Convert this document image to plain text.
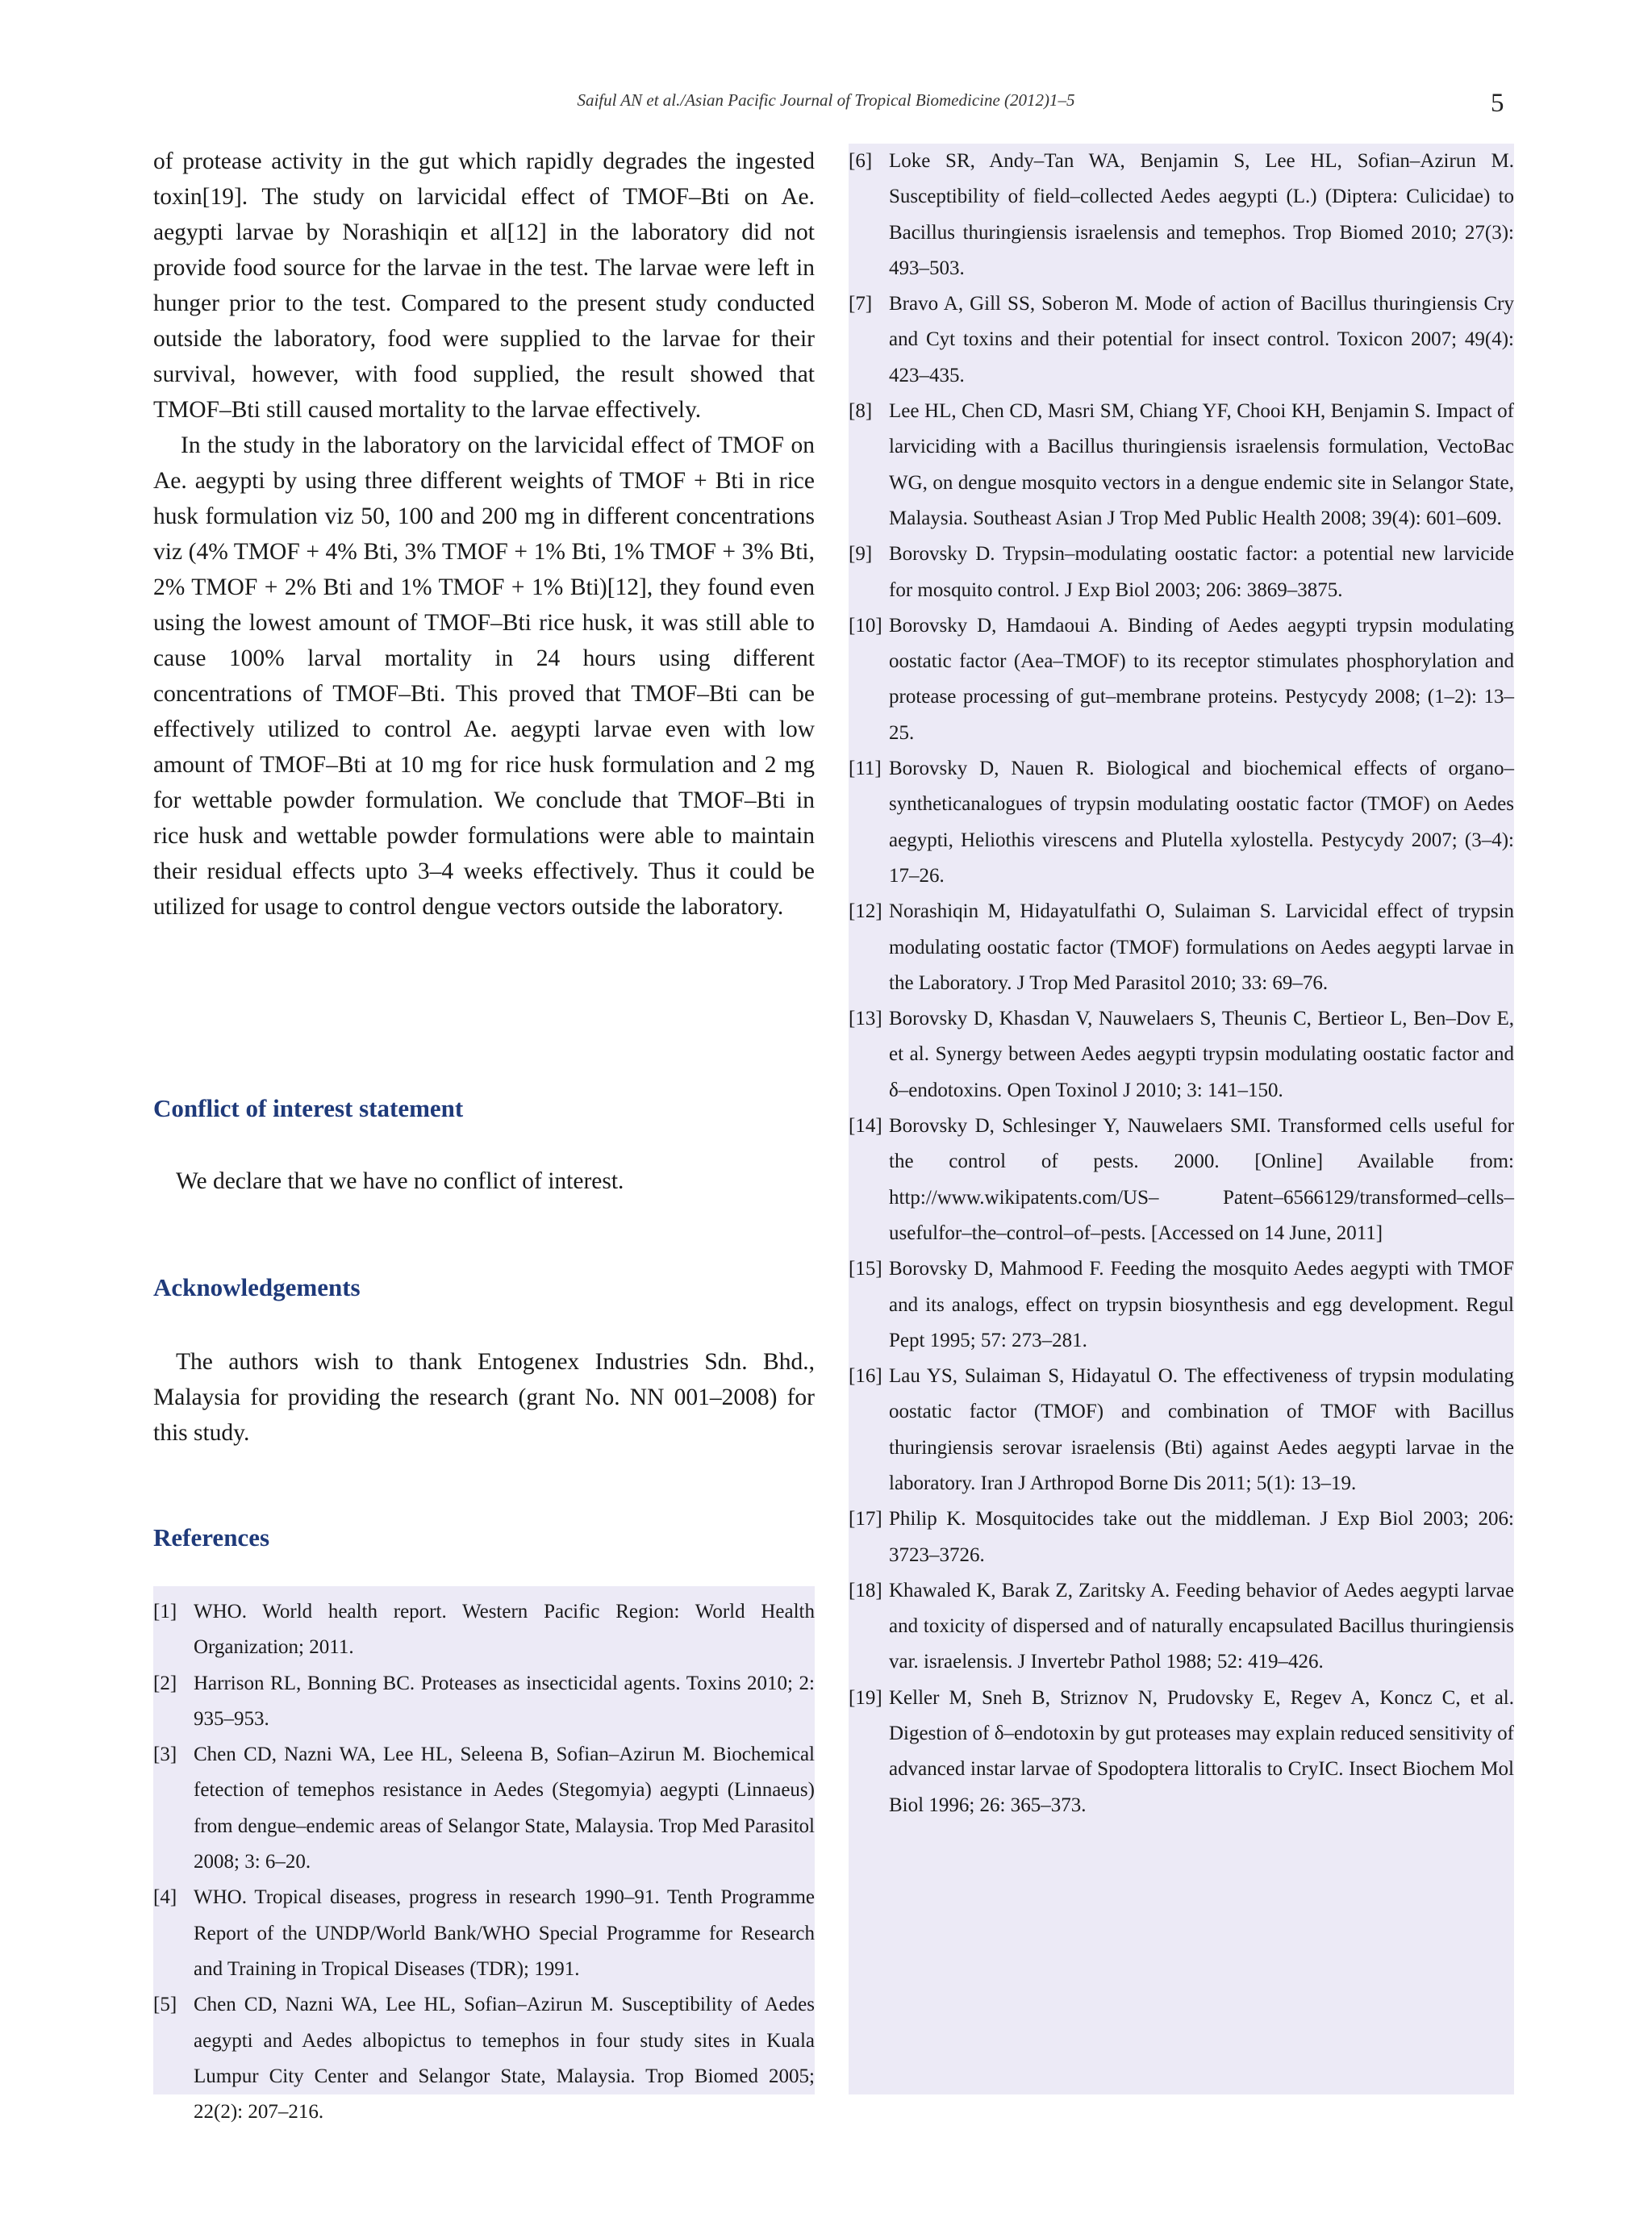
Saiful AN et al./Asian Pacific Journal of Tropical Biomedicine (2012)1–5	5

of protease activity in the gut which rapidly degrades the ingested toxin[19]. The study on larvicidal effect of TMOF–Bti on Ae. aegypti larvae by Norashiqin et al[12] in the laboratory did not provide food source for the larvae in the test. The larvae were left in hunger prior to the test. Compared to the present study conducted outside the laboratory, food were supplied to the larvae for their survival, however, with food supplied, the result showed that TMOF–Bti still caused mortality to the larvae effectively.

In the study in the laboratory on the larvicidal effect of TMOF on Ae. aegypti by using three different weights of TMOF + Bti in rice husk formulation viz 50, 100 and 200 mg in different concentrations viz (4% TMOF + 4% Bti, 3% TMOF + 1% Bti, 1% TMOF + 3% Bti, 2% TMOF + 2% Bti and 1% TMOF + 1% Bti)[12], they found even using the lowest amount of TMOF–Bti rice husk, it was still able to cause 100% larval mortality in 24 hours using different concentrations of TMOF–Bti. This proved that TMOF–Bti can be effectively utilized to control Ae. aegypti larvae even with low amount of TMOF–Bti at 10 mg for rice husk formulation and 2 mg for wettable powder formulation. We conclude that TMOF–Bti in rice husk and wettable powder formulations were able to maintain their residual effects upto 3–4 weeks effectively. Thus it could be utilized for usage to control dengue vectors outside the laboratory.

Conflict of interest statement

We declare that we have no conflict of interest.

Acknowledgements

The authors wish to thank Entogenex Industries Sdn. Bhd., Malaysia for providing the research (grant No. NN 001–2008) for this study.

References
[1] WHO. World health report. Western Pacific Region: World Health Organization; 2011.
[2] Harrison RL, Bonning BC. Proteases as insecticidal agents. Toxins 2010; 2: 935–953.
[3] Chen CD, Nazni WA, Lee HL, Seleena B, Sofian–Azirun M. Biochemical fetection of temephos resistance in Aedes (Stegomyia) aegypti (Linnaeus) from dengue–endemic areas of Selangor State, Malaysia. Trop Med Parasitol 2008; 3: 6–20.
[4] WHO. Tropical diseases, progress in research 1990–91. Tenth Programme Report of the UNDP/World Bank/WHO Special Programme for Research and Training in Tropical Diseases (TDR); 1991.
[5] Chen CD, Nazni WA, Lee HL, Sofian–Azirun M. Susceptibility of Aedes aegypti and Aedes albopictus to temephos in four study sites in Kuala Lumpur City Center and Selangor State, Malaysia. Trop Biomed 2005; 22(2): 207–216.
[6] Loke SR, Andy–Tan WA, Benjamin S, Lee HL, Sofian–Azirun M. Susceptibility of field–collected Aedes aegypti (L.) (Diptera: Culicidae) to Bacillus thuringiensis israelensis and temephos. Trop Biomed 2010; 27(3): 493–503.
[7] Bravo A, Gill SS, Soberon M. Mode of action of Bacillus thuringiensis Cry and Cyt toxins and their potential for insect control. Toxicon 2007; 49(4): 423–435.
[8] Lee HL, Chen CD, Masri SM, Chiang YF, Chooi KH, Benjamin S. Impact of larviciding with a Bacillus thuringiensis israelensis formulation, VectoBac WG, on dengue mosquito vectors in a dengue endemic site in Selangor State, Malaysia. Southeast Asian J Trop Med Public Health 2008; 39(4): 601–609.
[9] Borovsky D. Trypsin–modulating oostatic factor: a potential new larvicide for mosquito control. J Exp Biol 2003; 206: 3869–3875.
[10] Borovsky D, Hamdaoui A. Binding of Aedes aegypti trypsin modulating oostatic factor (Aea–TMOF) to its receptor stimulates phosphorylation and protease processing of gut–membrane proteins. Pestycydy 2008; (1–2): 13–25.
[11] Borovsky D, Nauen R. Biological and biochemical effects of organo–syntheticanalogues of trypsin modulating oostatic factor (TMOF) on Aedes aegypti, Heliothis virescens and Plutella xylostella. Pestycydy 2007; (3–4): 17–26.
[12] Norashiqin M, Hidayatulfathi O, Sulaiman S. Larvicidal effect of trypsin modulating oostatic factor (TMOF) formulations on Aedes aegypti larvae in the Laboratory. J Trop Med Parasitol 2010; 33: 69–76.
[13] Borovsky D, Khasdan V, Nauwelaers S, Theunis C, Bertieor L, Ben–Dov E, et al. Synergy between Aedes aegypti trypsin modulating oostatic factor and δ–endotoxins. Open Toxinol J 2010; 3: 141–150.
[14] Borovsky D, Schlesinger Y, Nauwelaers SMI. Transformed cells useful for the control of pests. 2000. [Online] Available from: http://www.wikipatents.com/US– Patent–6566129/transformed–cells–usefulfor–the–control–of–pests. [Accessed on 14 June, 2011]
[15] Borovsky D, Mahmood F. Feeding the mosquito Aedes aegypti with TMOF and its analogs, effect on trypsin biosynthesis and egg development. Regul Pept 1995; 57: 273–281.
[16] Lau YS, Sulaiman S, Hidayatul O. The effectiveness of trypsin modulating oostatic factor (TMOF) and combination of TMOF with Bacillus thuringiensis serovar israelensis (Bti) against Aedes aegypti larvae in the laboratory. Iran J Arthropod Borne Dis 2011; 5(1): 13–19.
[17] Philip K. Mosquitocides take out the middleman. J Exp Biol 2003; 206: 3723–3726.
[18] Khawaled K, Barak Z, Zaritsky A. Feeding behavior of Aedes aegypti larvae and toxicity of dispersed and of naturally encapsulated Bacillus thuringiensis var. israelensis. J Invertebr Pathol 1988; 52: 419–426.
[19] Keller M, Sneh B, Striznov N, Prudovsky E, Regev A, Koncz C, et al. Digestion of δ–endotoxin by gut proteases may explain reduced sensitivity of advanced instar larvae of Spodoptera littoralis to CryIC. Insect Biochem Mol Biol 1996; 26: 365–373.
